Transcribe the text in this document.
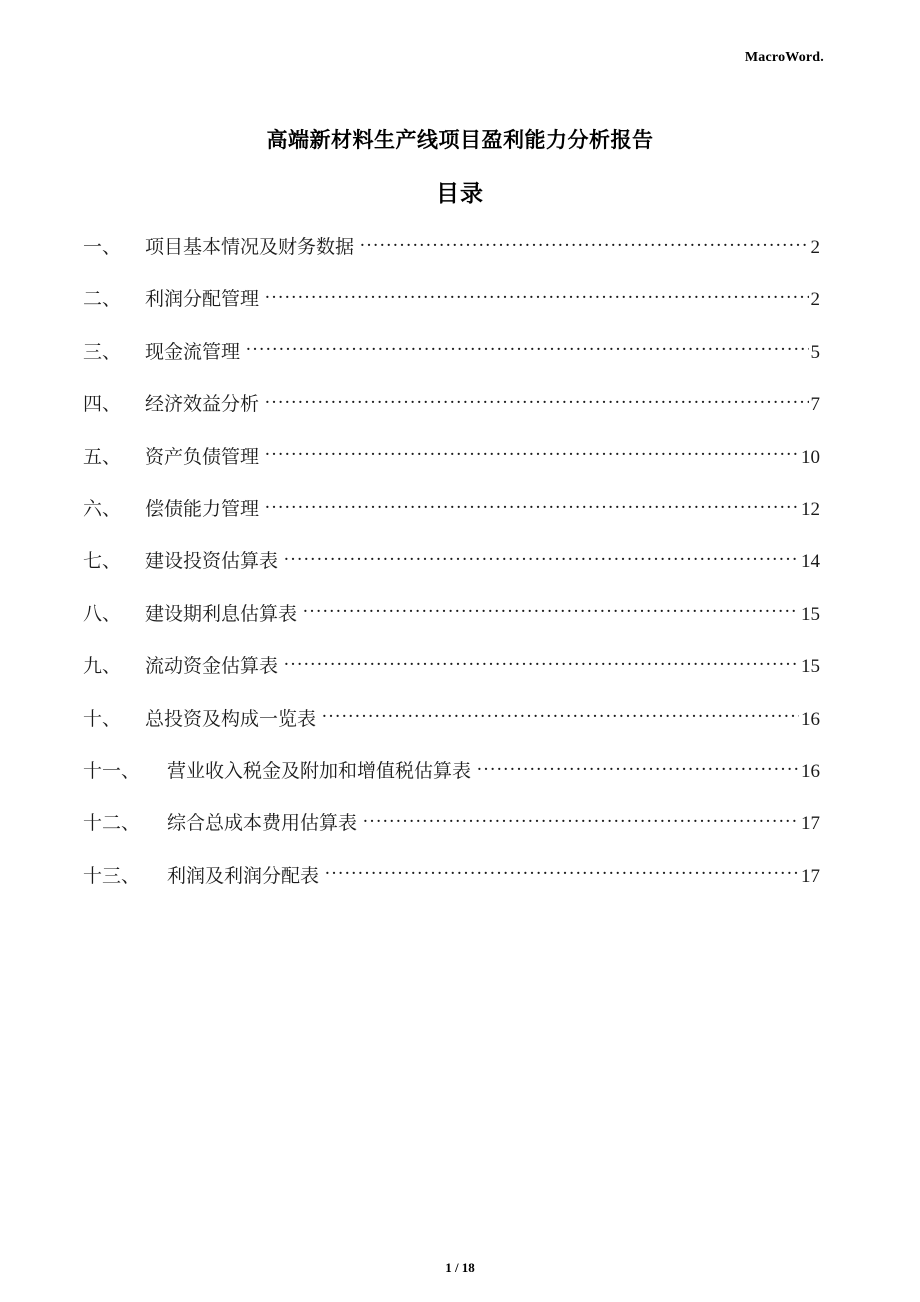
MacroWord.
高端新材料生产线项目盈利能力分析报告
目录
一、	项目基本情况及财务数据 .....	2
二、	利润分配管理 .....	2
三、	现金流管理 .....	5
四、	经济效益分析 .....	7
五、	资产负债管理 .....	10
六、	偿债能力管理 .....	12
七、	建设投资估算表 .....	14
八、	建设期利息估算表 .....	15
九、	流动资金估算表 .....	15
十、	总投资及构成一览表 .....	16
十一、	营业收入税金及附加和增值税估算表 .....	16
十二、	综合总成本费用估算表 .....	17
十三、	利润及利润分配表 .....	17
1 / 18
